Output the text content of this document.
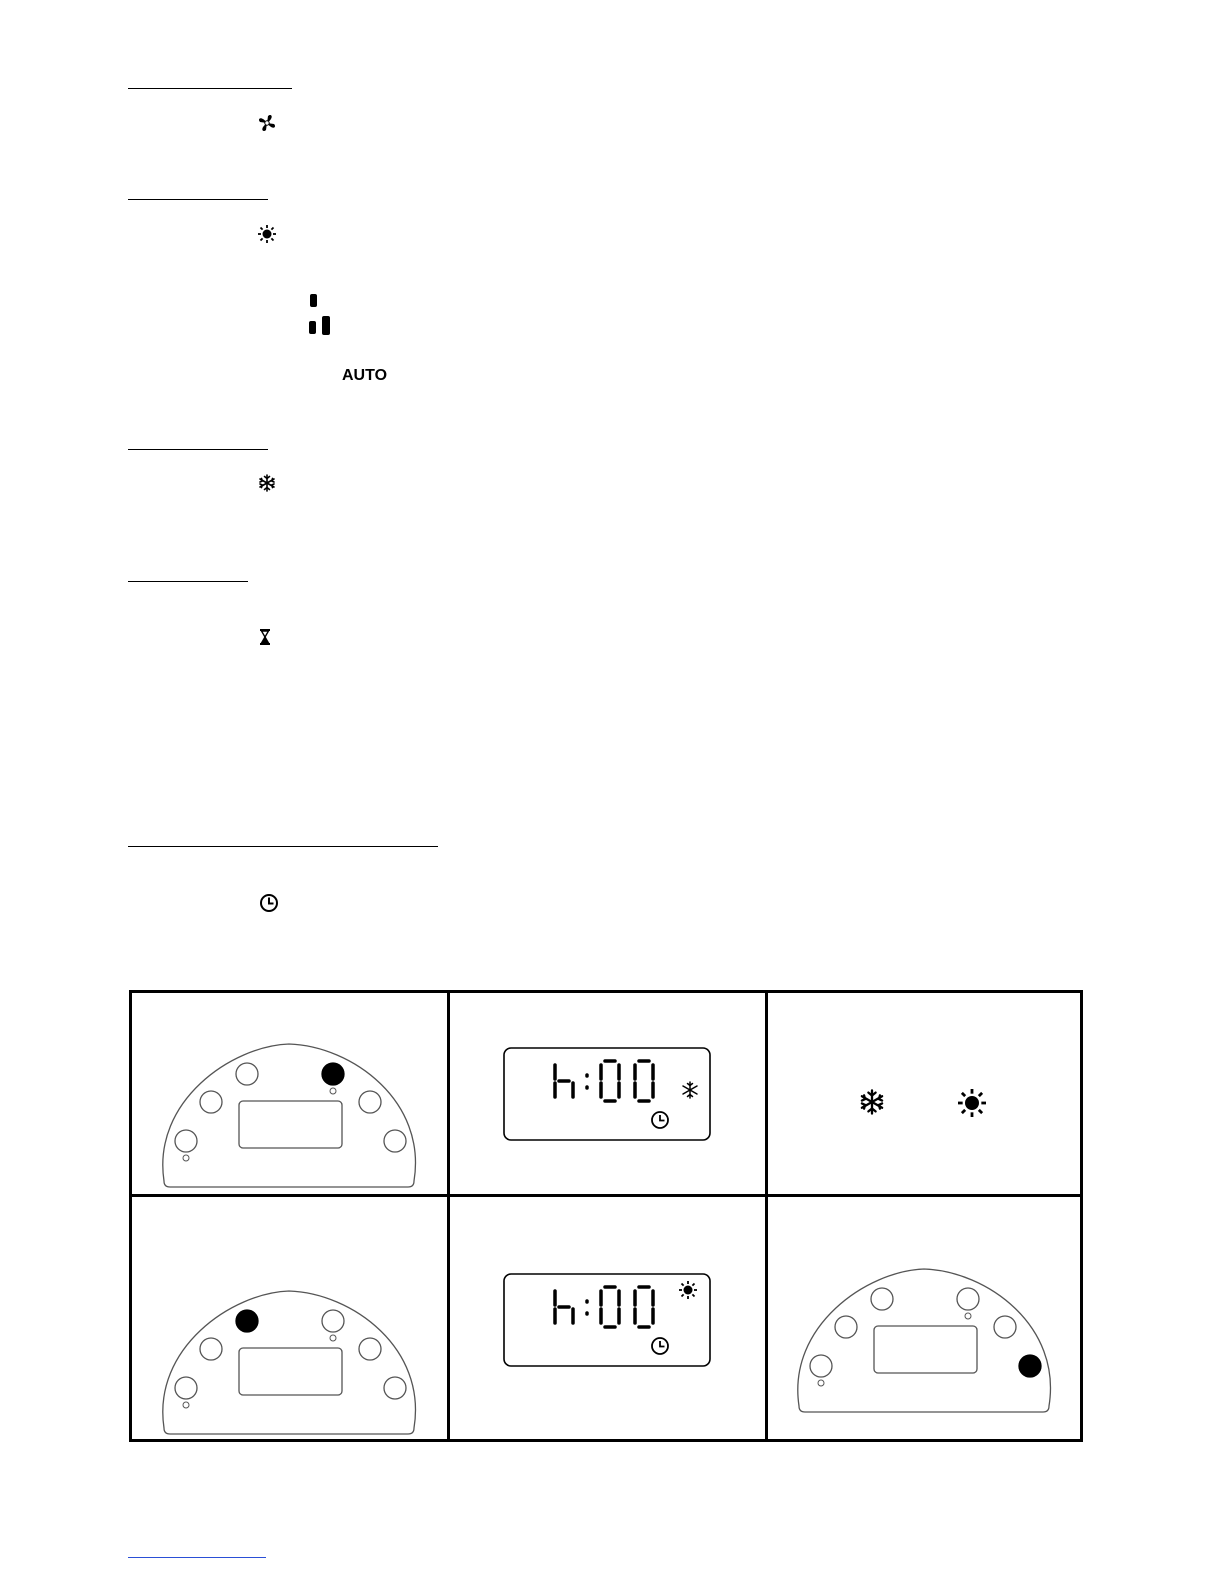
AUTO
